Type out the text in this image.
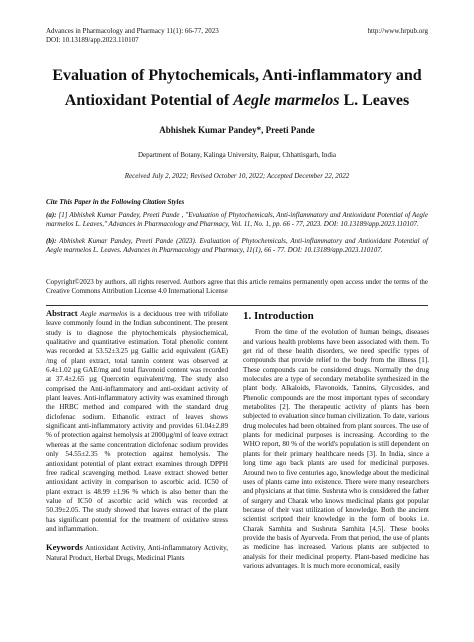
Advances in Pharmacology and Pharmacy 11(1): 66-77, 2023
DOI: 10.13189/app.2023.110107
http://www.hrpub.org
Evaluation of Phytochemicals, Anti-inflammatory and
Antioxidant Potential of Aegle marmelos L. Leaves
Abhishek Kumar Pandey*, Preeti Pande
Department of Botany, Kalinga University, Raipur, Chhattisgarh, India
Received July 2, 2022; Revised October 10, 2022; Accepted December 22, 2022
Cite This Paper in the Following Citation Styles

(a): [1] Abhishek Kumar Pandey, Preeti Pande , "Evaluation of Phytochemicals, Anti-inflammatory and Antioxidant Potential of Aegle marmelos L. Leaves," Advances in Pharmacology and Pharmacy, Vol. 11, No. 1, pp. 66 - 77, 2023. DOI: 10.13189/app.2023.110107.

(b): Abhishek Kumar Pandey, Preeti Pande (2023). Evaluation of Phytochemicals, Anti-inflammatory and Antioxidant Potential of Aegle marmelos L. Leaves. Advances in Pharmacology and Pharmacy, 11(1), 66 - 77. DOI: 10.13189/app.2023.110107.

Copyright©2023 by authors, all rights reserved. Authors agree that this article remains permanently open access under the terms of the Creative Commons Attribution License 4.0 International License
Abstract Aegle marmelos is a deciduous tree with trifoliate leave commonly found in the Indian subcontinent. The present study is to diagnose the phytochemicals physiochemical, qualitative and quantitative estimation. Total phenolic content was recorded at 53.52±3.25 µg Gallic acid equivalent (GAE) /mg of plant extract, total tannin content was observed at 6.4±1.02 µg GAE/mg and total flavonoid content was recorded at 37.4±2.65 µg Quercetin equivalent/mg. The study also comprised the Anti-inflammatory and anti-oxidant activity of plant leaves. Anti-inflammatory activity was examined through the HRBC method and compared with the standard drug diclofenac sodium. Ethanolic extract of leaves shows significant anti-inflammatory activity and provides 61.04±2.89 % of protection against hemolysis at 2000µg/ml of leave extract whereas at the same concentration diclofenac sodium provides only 54.55±2.35 % protection against hemolysis. The antioxidant potential of plant extract examines through DPPH free radical scavenging method. Leave extract showed better antioxidant activity in comparison to ascorbic acid. IC50 of plant extract is 48.99 ±1.96 % which is also better than the value of IC50 of ascorbic acid which was recorded at 50.39±2.05. The study showed that leaves extract of the plant has significant potential for the treatment of oxidative stress and inflammation.
Keywords Antioxidant Activity, Anti-inflammatory Activity, Natural Product, Herbal Drugs, Medicinal Plants
1. Introduction
From the time of the evolution of human beings, diseases and various health problems have been associated with them. To get rid of these health disorders, we need specific types of compounds that provide relief to the body from the illness [1]. These compounds can be considered drugs. Normally the drug molecules are a type of secondary metabolite synthesized in the plant body. Alkaloids, Flavonoids, Tannins, Glycosides, and Phenolic compounds are the most important types of secondary metabolites [2]. The therapeutic activity of plants has been subjected to evaluation since human civilization. To date, various drug molecules had been obtained from plant sources. The use of plants for medicinal purposes is increasing. According to the WHO report, 80 % of the world's population is still dependent on plants for their primary healthcare needs [3]. In India, since a long time ago back plants are used for medicinal purposes. Around two to five centuries ago, knowledge about the medicinal uses of plants came into existence. There were many researchers and physicians at that time. Sushruta who is considered the father of surgery and Charak who knows medicinal plants got popular because of their vast utilization of knowledge. Both the ancient scientist scripted their knowledge in the form of books i.e. Charak Samhita and Sushruta Samhita [4,5]. These books provide the basis of Ayurveda. From that period, the use of plants as medicine has increased. Various plants are subjected to analysis for their medicinal property. Plant-based medicine has various advantages. It is much more economical, easily
